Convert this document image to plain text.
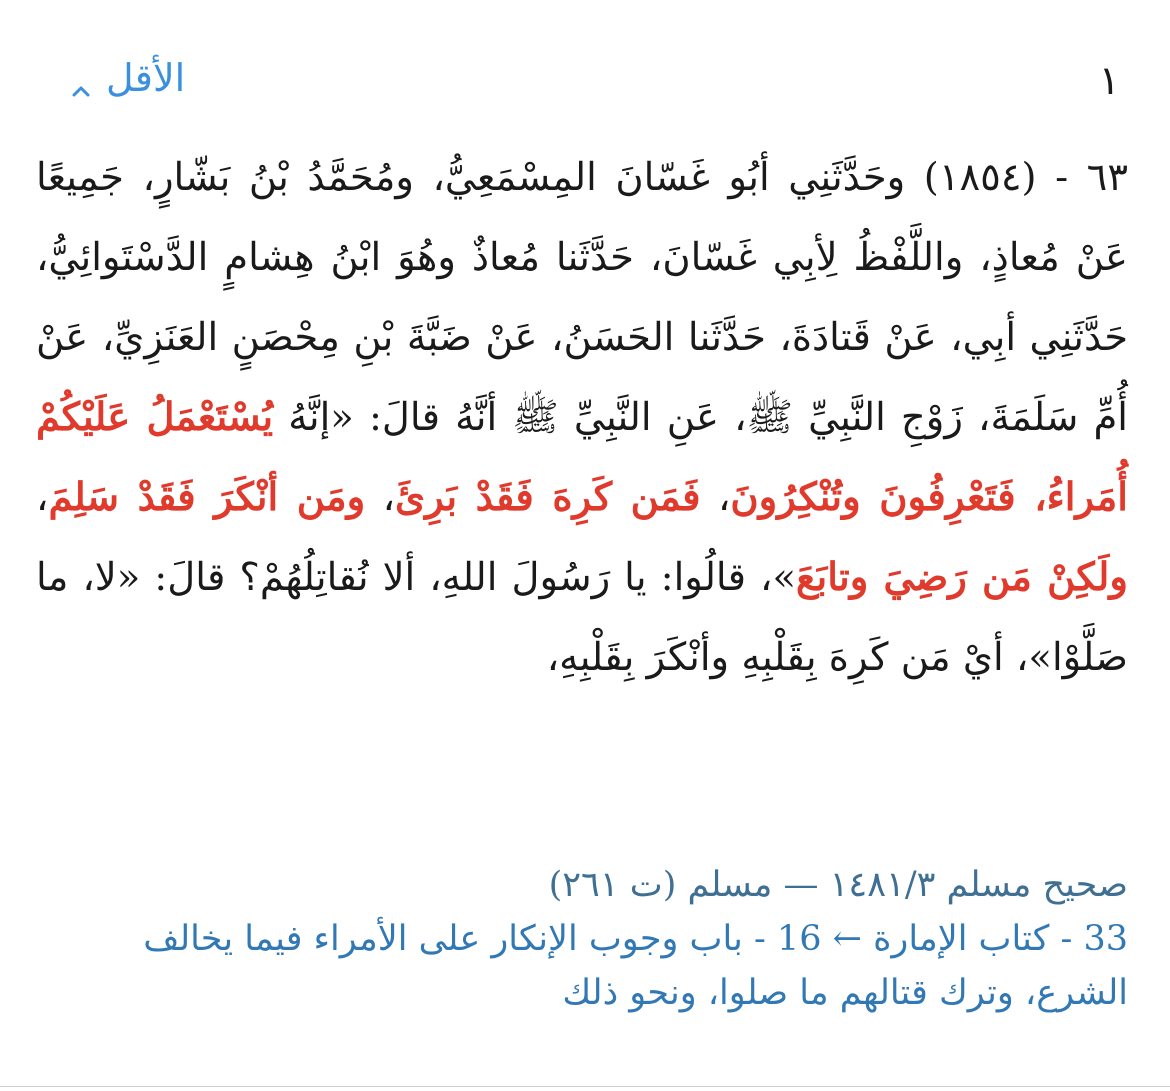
١
الأقل
٦٣ - (١٨٥٤) وحَدَّثَنِي أبُو غَسّانَ المِسْمَعِيُّ، ومُحَمَّدُ بْنُ بَشّارٍ، جَمِيعًا عَنْ مُعاذٍ، واللَّفْظُ لِأبِي غَسّانَ، حَدَّثَنا مُعاذٌ وهُوَ ابْنُ هِشامٍ الدَّسْتَوائِيُّ، حَدَّثَنِي أبِي، عَنْ قَتادَةَ، حَدَّثَنا الحَسَنُ، عَنْ ضَبَّةَ بْنِ مِحْصَنٍ العَنَزِيِّ، عَنْ أُمِّ سَلَمَةَ، زَوْجِ النَّبِيِّ ﷺ، عَنِ النَّبِيِّ ﷺ أنَّهُ قالَ: «إنَّهُ يُسْتَعْمَلُ عَلَيْكُمْ أُمَراءُ، فَتَعْرِفُونَ وتُنْكِرُونَ، فَمَن كَرِهَ فَقَدْ بَرِئَ، ومَن أنْكَرَ فَقَدْ سَلِمَ، ولَكِنْ مَن رَضِيَ وتابَعَ»، قالُوا: يا رَسُولَ اللهِ، ألا نُقاتِلُهُمْ؟ قالَ: «لا، ما صَلَّوْا»، أيْ مَن كَرِهَ بِقَلْبِهِ وأنْكَرَ بِقَلْبِهِ،
صحيح مسلم ١٤٨١/٣ — مسلم (ت ٢٦١)
33 - كتاب الإمارة ← 16 - باب وجوب الإنكار على الأمراء فيما يخالف الشرع، وترك قتالهم ما صلوا، ونحو ذلك
